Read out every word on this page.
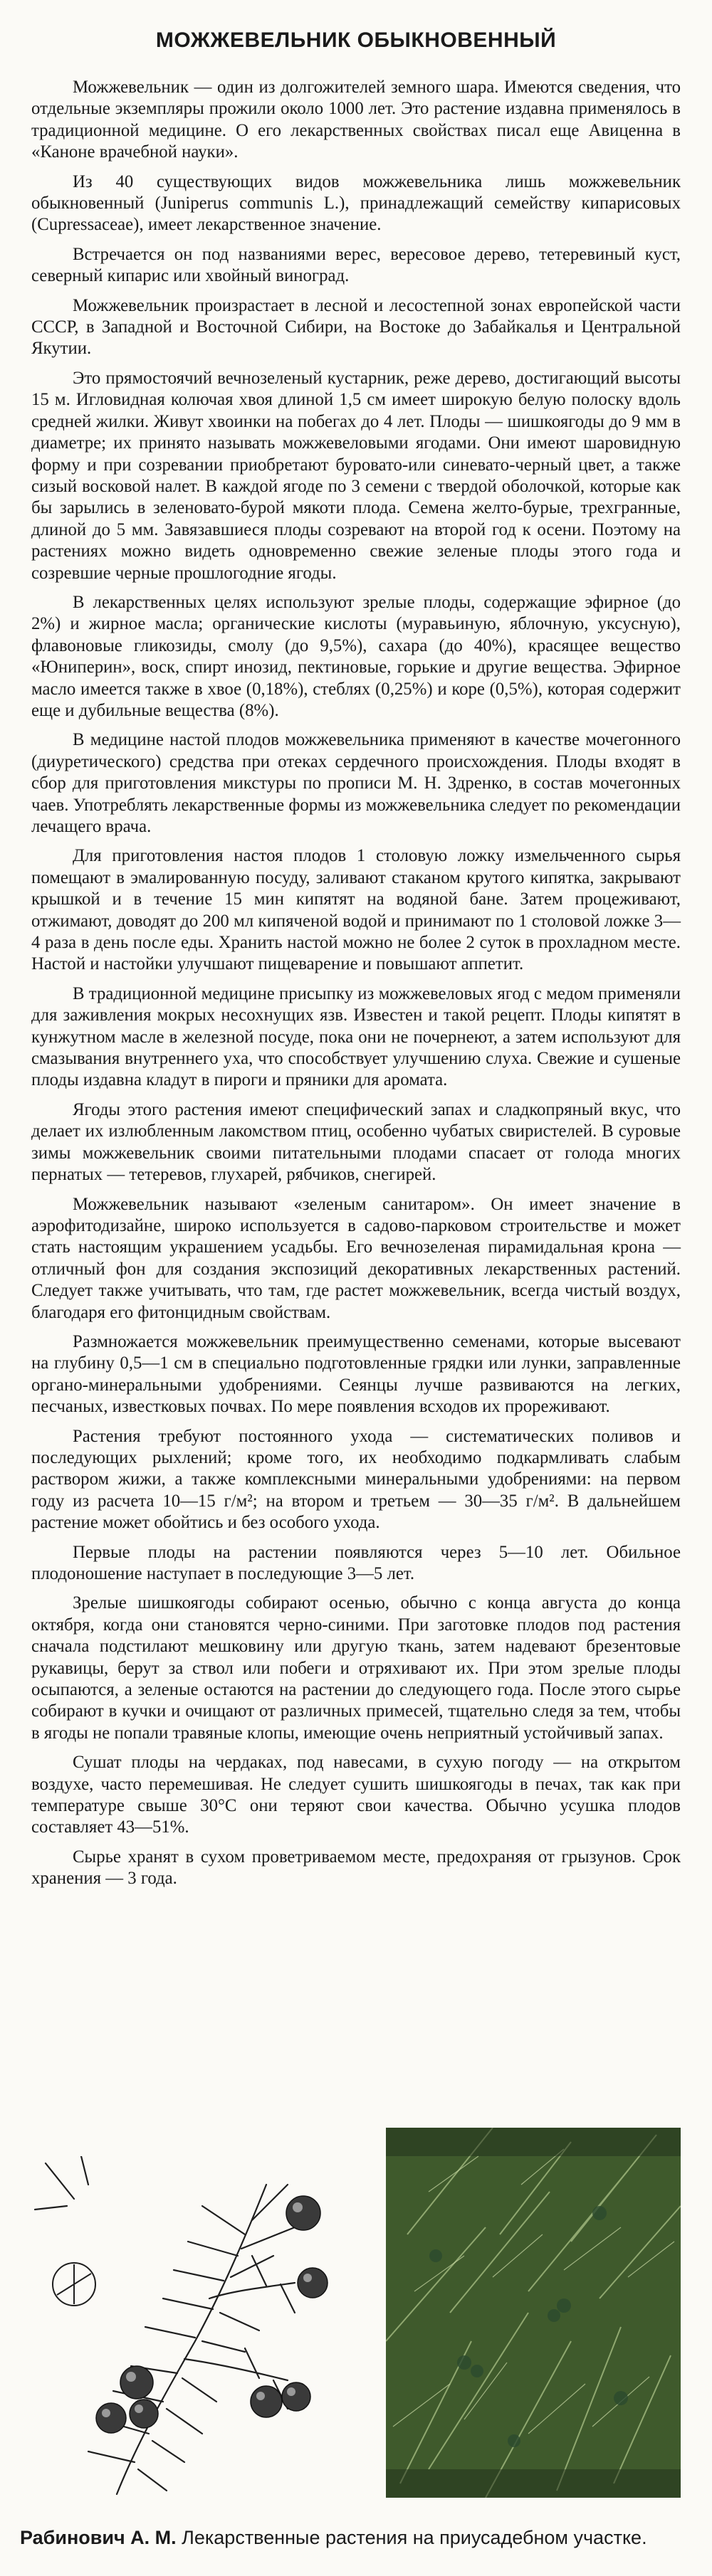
МОЖЖЕВЕЛЬНИК ОБЫКНОВЕННЫЙ

Можжевельник — один из долгожителей земного шара. Имеются сведения, что отдельные экземпляры прожили около 1000 лет. Это растение издавна применялось в традиционной медицине. О его лекарственных свойствах писал еще Авиценна в «Каноне врачебной науки».

Из 40 существующих видов можжевельника лишь можжевельник обыкновенный (Juniperus communis L.), принадлежащий семейству кипарисовых (Cupressaceae), имеет лекарственное значение.

Встречается он под названиями верес, вересовое дерево, тетеревиный куст, северный кипарис или хвойный виноград.

Можжевельник произрастает в лесной и лесостепной зонах европейской части СССР, в Западной и Восточной Сибири, на Востоке до Забайкалья и Центральной Якутии.

Это прямостоячий вечнозеленый кустарник, реже дерево, достигающий высоты 15 м. Игловидная колючая хвоя длиной 1,5 см имеет широкую белую полоску вдоль средней жилки. Живут хвоинки на побегах до 4 лет. Плоды — шишкоягоды до 9 мм в диаметре; их принято называть можжевеловыми ягодами. Они имеют шаровидную форму и при созревании приобретают буровато-или синевато-черный цвет, а также сизый восковой налет. В каждой ягоде по 3 семени с твердой оболочкой, которые как бы зарылись в зеленовато-бурой мякоти плода. Семена желто-бурые, трехгранные, длиной до 5 мм. Завязавшиеся плоды созревают на второй год к осени. Поэтому на растениях можно видеть одновременно свежие зеленые плоды этого года и созревшие черные прошлогодние ягоды.

В лекарственных целях используют зрелые плоды, содержащие эфирное (до 2%) и жирное масла; органические кислоты (муравьиную, яблочную, уксусную), флавоновые гликозиды, смолу (до 9,5%), сахара (до 40%), красящее вещество «Юниперин», воск, спирт инозид, пектиновые, горькие и другие вещества. Эфирное масло имеется также в хвое (0,18%), стеблях (0,25%) и коре (0,5%), которая содержит еще и дубильные вещества (8%).

В медицине настой плодов можжевельника применяют в качестве мочегонного (диуретического) средства при отеках сердечного происхождения. Плоды входят в сбор для приготовления микстуры по прописи М. Н. Здренко, в состав мочегонных чаев. Употреблять лекарственные формы из можжевельника следует по рекомендации лечащего врача.

Для приготовления настоя плодов 1 столовую ложку измельченного сырья помещают в эмалированную посуду, заливают стаканом крутого кипятка, закрывают крышкой и в течение 15 мин кипятят на водяной бане. Затем процеживают, отжимают, доводят до 200 мл кипяченой водой и принимают по 1 столовой ложке 3—4 раза в день после еды. Хранить настой можно не более 2 суток в прохладном месте. Настой и настойки улучшают пищеварение и повышают аппетит.

В традиционной медицине присыпку из можжевеловых ягод с медом применяли для заживления мокрых несохнущих язв. Известен и такой рецепт. Плоды кипятят в кунжутном масле в железной посуде, пока они не почернеют, а затем используют для смазывания внутреннего уха, что способствует улучшению слуха. Свежие и сушеные плоды издавна кладут в пироги и пряники для аромата.

Ягоды этого растения имеют специфический запах и сладкопряный вкус, что делает их излюбленным лакомством птиц, особенно чубатых свиристелей. В суровые зимы можжевельник своими питательными плодами спасает от голода многих пернатых — тетеревов, глухарей, рябчиков, снегирей.

Можжевельник называют «зеленым санитаром». Он имеет значение в аэрофитодизайне, широко используется в садово-парковом строительстве и может стать настоящим украшением усадьбы. Его вечнозеленая пирамидальная крона — отличный фон для создания экспозиций декоративных лекарственных растений. Следует также учитывать, что там, где растет можжевельник, всегда чистый воздух, благодаря его фитонцидным свойствам.

Размножается можжевельник преимущественно семенами, которые высевают на глубину 0,5—1 см в специально подготовленные грядки или лунки, заправленные органо-минеральными удобрениями. Сеянцы лучше развиваются на легких, песчаных, известковых почвах. По мере появления всходов их прореживают.

Растения требуют постоянного ухода — систематических поливов и последующих рыхлений; кроме того, их необходимо подкармливать слабым раствором жижи, а также комплексными минеральными удобрениями: на первом году из расчета 10—15 г/м²; на втором и третьем — 30—35 г/м². В дальнейшем растение может обойтись и без особого ухода.

Первые плоды на растении появляются через 5—10 лет. Обильное плодоношение наступает в последующие 3—5 лет.

Зрелые шишкоягоды собирают осенью, обычно с конца августа до конца октября, когда они становятся черно-синими. При заготовке плодов под растения сначала подстилают мешковину или другую ткань, затем надевают брезентовые рукавицы, берут за ствол или побеги и отряхивают их. При этом зрелые плоды осыпаются, а зеленые остаются на растении до следующего года. После этого сырье собирают в кучки и очищают от различных примесей, тщательно следя за тем, чтобы в ягоды не попали травяные клопы, имеющие очень неприятный устойчивый запах.

Сушат плоды на чердаках, под навесами, в сухую погоду — на открытом воздухе, часто перемешивая. Не следует сушить шишкоягоды в печах, так как при температуре свыше 30°С они теряют свои качества. Обычно усушка плодов составляет 43—51%.

Сырье хранят в сухом проветриваемом месте, предохраняя от грызунов. Срок хранения — 3 года.

Рабинович А. М. Лекарственные растения на приусадебном участке.
